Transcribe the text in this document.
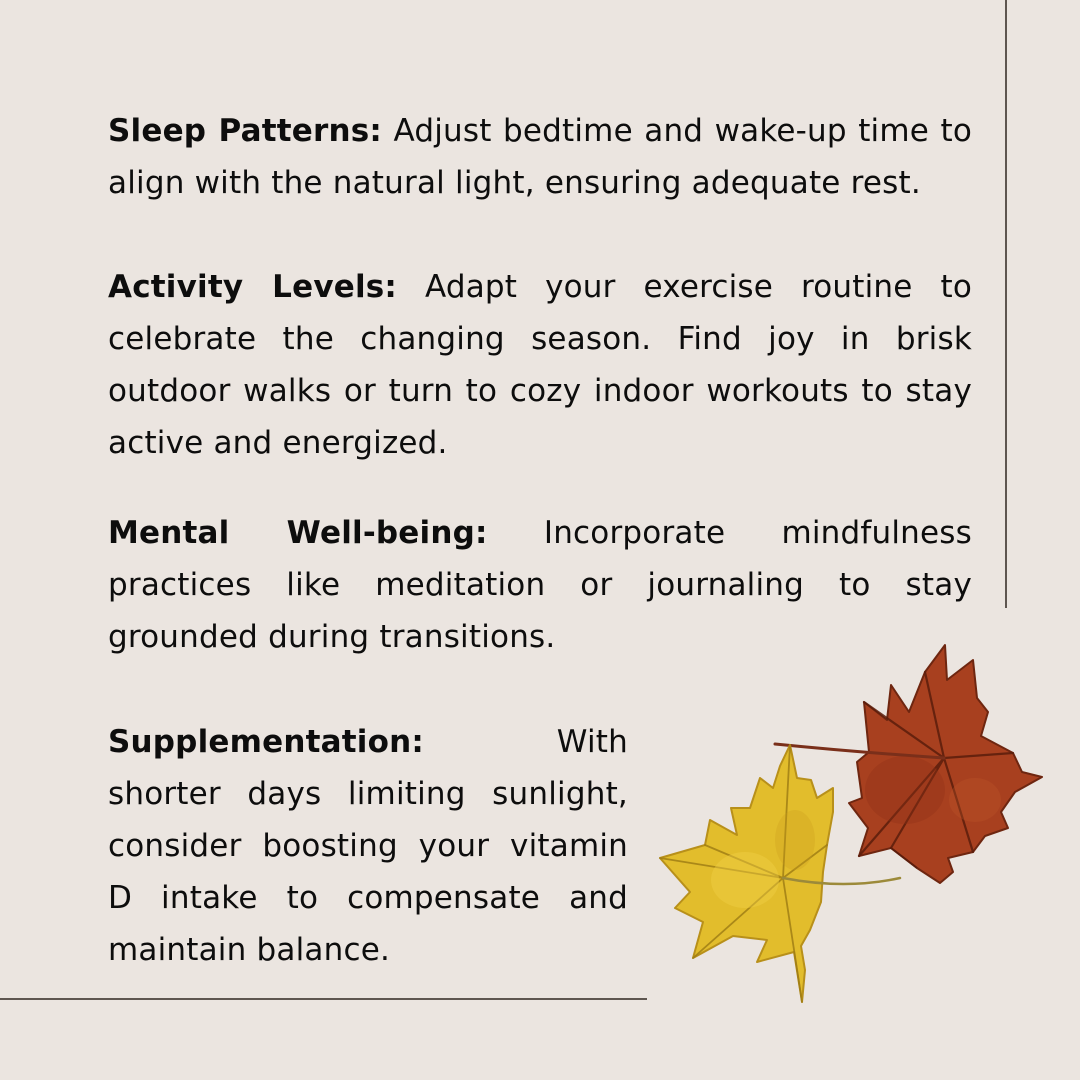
Sleep Patterns: Adjust bedtime and wake-up time to align with the natural light, ensuring adequate rest.

Activity Levels: Adapt your exercise routine to celebrate the changing season. Find joy in brisk outdoor walks or turn to cozy indoor workouts to stay active and energized.

Mental Well-being: Incorporate mindfulness practices like meditation or journaling to stay grounded during transitions.

Supplementation: With shorter days limiting sunlight, consider boosting your vitamin D intake to compensate and maintain balance.
